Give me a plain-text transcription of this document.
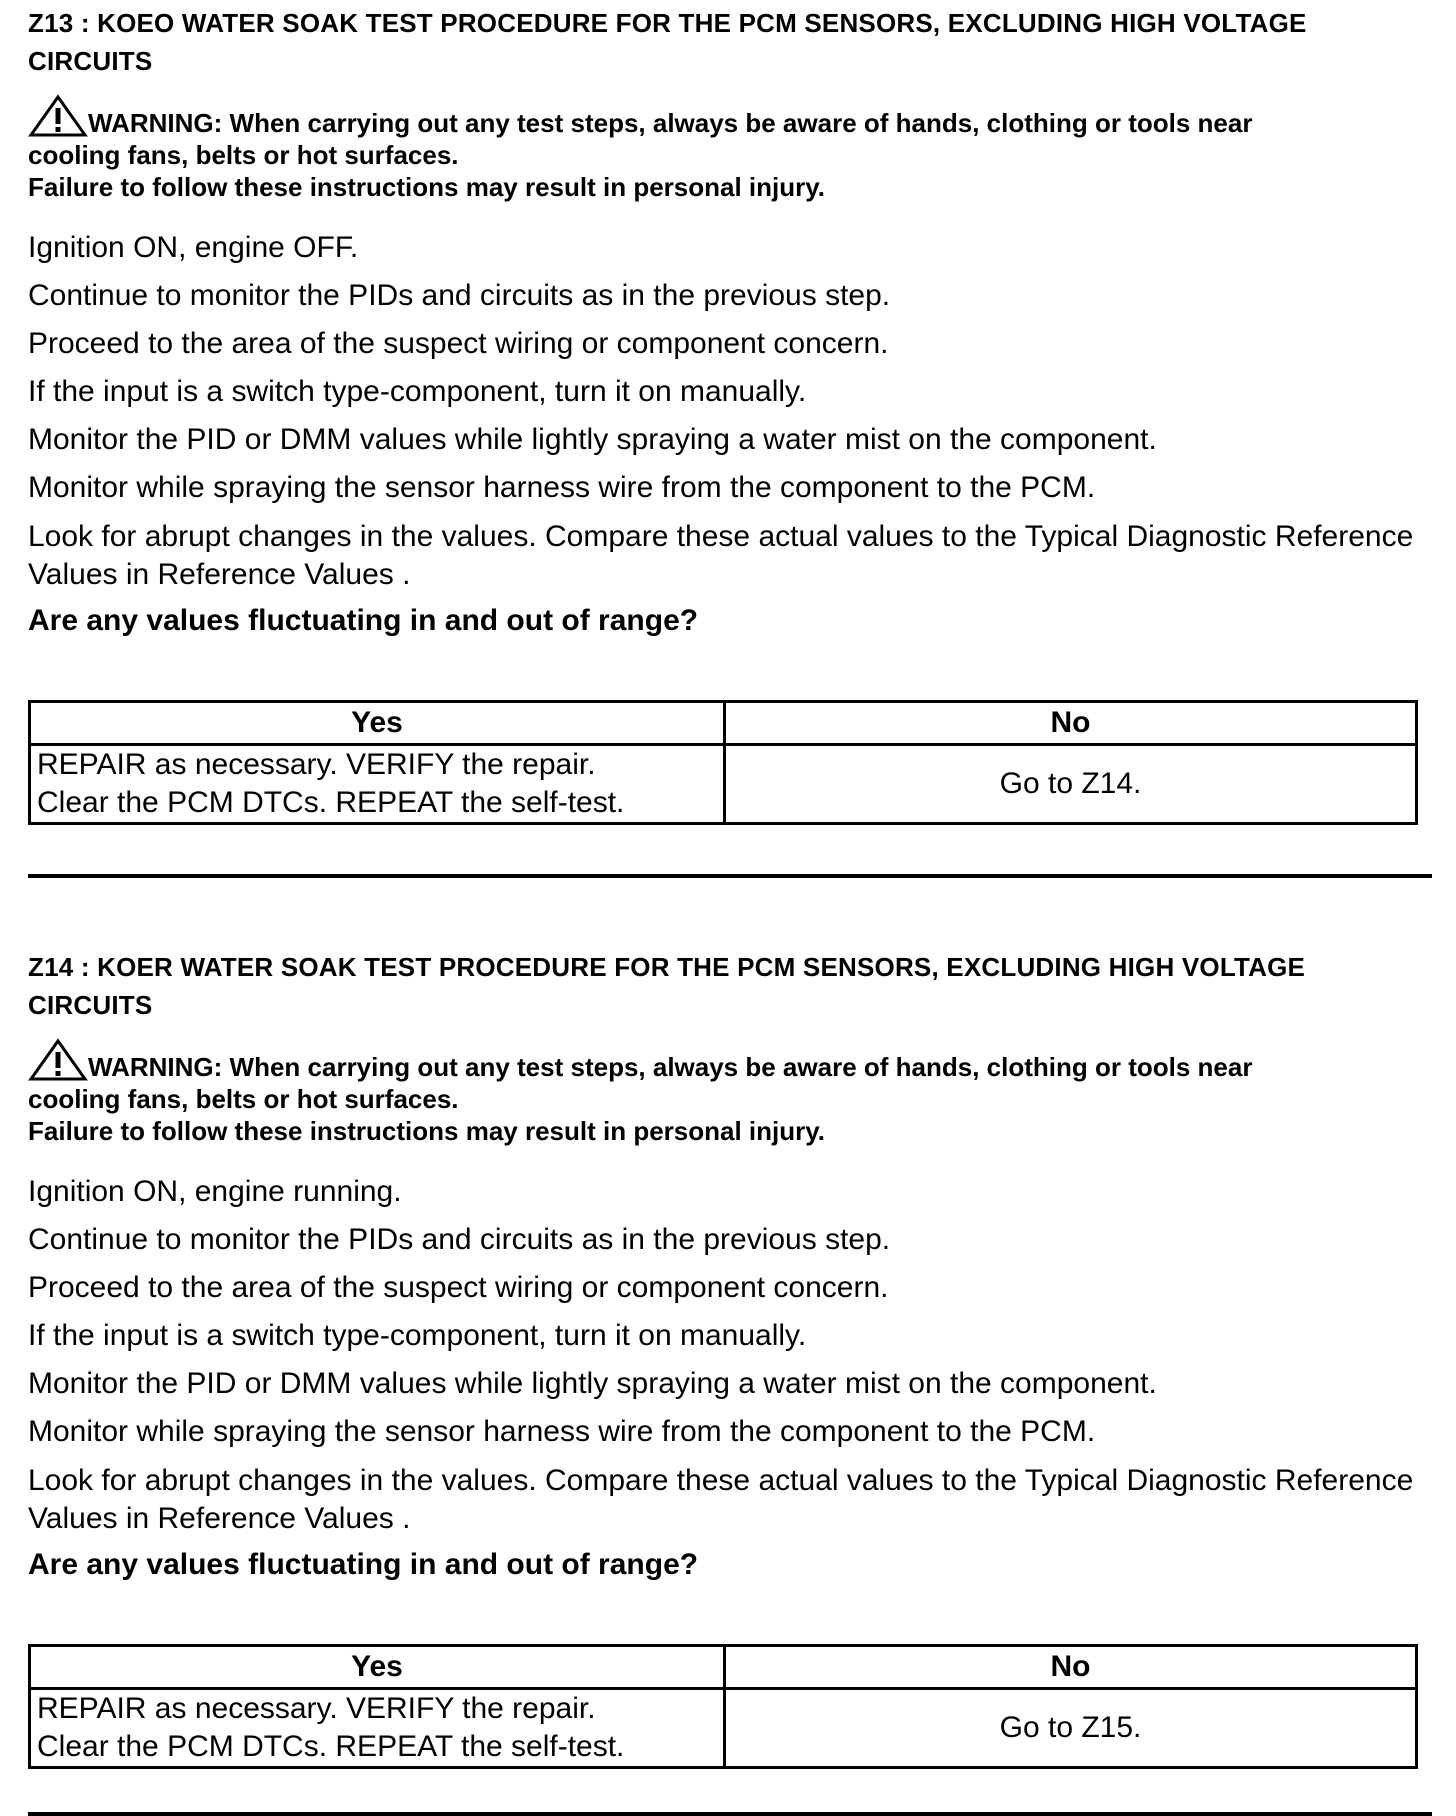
Z13 : KOEO WATER SOAK TEST PROCEDURE FOR THE PCM SENSORS, EXCLUDING HIGH VOLTAGE CIRCUITS
WARNING: When carrying out any test steps, always be aware of hands, clothing or tools near
cooling fans, belts or hot surfaces.
Failure to follow these instructions may result in personal injury.
Ignition ON, engine OFF.
Continue to monitor the PIDs and circuits as in the previous step.
Proceed to the area of the suspect wiring or component concern.
If the input is a switch type-component, turn it on manually.
Monitor the PID or DMM values while lightly spraying a water mist on the component.
Monitor while spraying the sensor harness wire from the component to the PCM.
Look for abrupt changes in the values. Compare these actual values to the Typical Diagnostic Reference Values in Reference Values .
Are any values fluctuating in and out of range?
Yes	No

REPAIR as necessary. VERIFY the repair.
Clear the PCM DTCs. REPEAT the self-test.	Go to Z14.
Z14 : KOER WATER SOAK TEST PROCEDURE FOR THE PCM SENSORS, EXCLUDING HIGH VOLTAGE CIRCUITS
WARNING: When carrying out any test steps, always be aware of hands, clothing or tools near
cooling fans, belts or hot surfaces.
Failure to follow these instructions may result in personal injury.
Ignition ON, engine running.
Continue to monitor the PIDs and circuits as in the previous step.
Proceed to the area of the suspect wiring or component concern.
If the input is a switch type-component, turn it on manually.
Monitor the PID or DMM values while lightly spraying a water mist on the component.
Monitor while spraying the sensor harness wire from the component to the PCM.
Look for abrupt changes in the values. Compare these actual values to the Typical Diagnostic Reference Values in Reference Values .
Are any values fluctuating in and out of range?
Yes	No

REPAIR as necessary. VERIFY the repair.
Clear the PCM DTCs. REPEAT the self-test.	Go to Z15.
